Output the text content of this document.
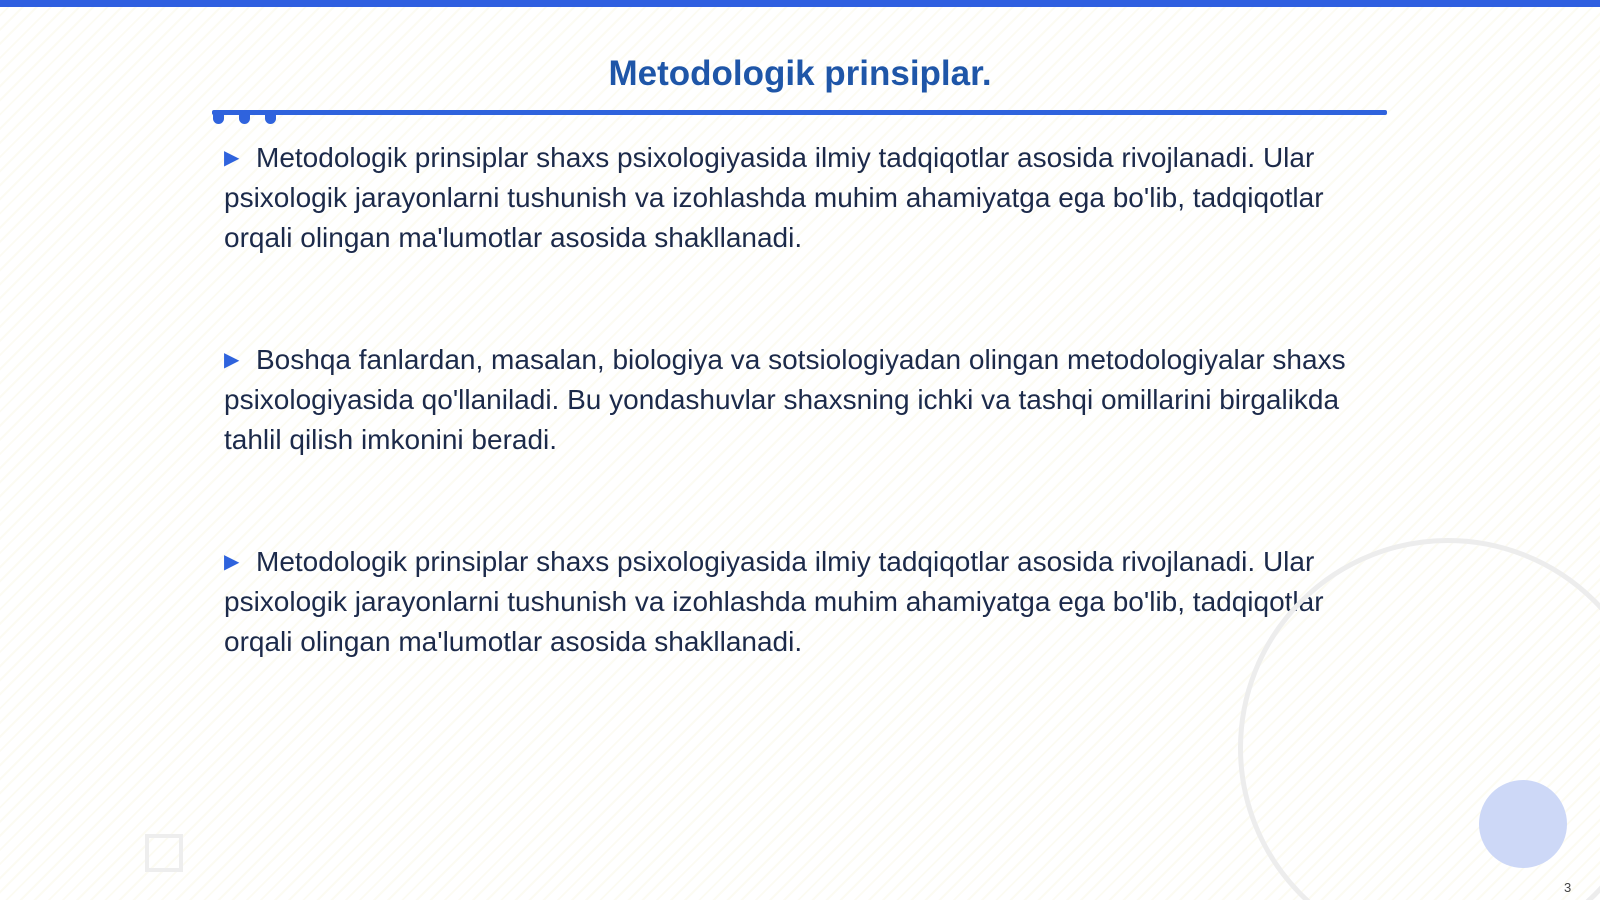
Metodologik prinsiplar.

▶ Metodologik prinsiplar shaxs psixologiyasida ilmiy tadqiqotlar asosida rivojlanadi. Ular psixologik jarayonlarni tushunish va izohlashda muhim ahamiyatga ega bo'lib, tadqiqotlar orqali olingan ma'lumotlar asosida shakllanadi.

▶ Boshqa fanlardan, masalan, biologiya va sotsiologiyadan olingan metodologiyalar shaxs psixologiyasida qo'llaniladi. Bu yondashuvlar shaxsning ichki va tashqi omillarini birgalikda tahlil qilish imkonini beradi.

▶ Metodologik prinsiplar shaxs psixologiyasida ilmiy tadqiqotlar asosida rivojlanadi. Ular psixologik jarayonlarni tushunish va izohlashda muhim ahamiyatga ega bo'lib, tadqiqotlar orqali olingan ma'lumotlar asosida shakllanadi.

3
